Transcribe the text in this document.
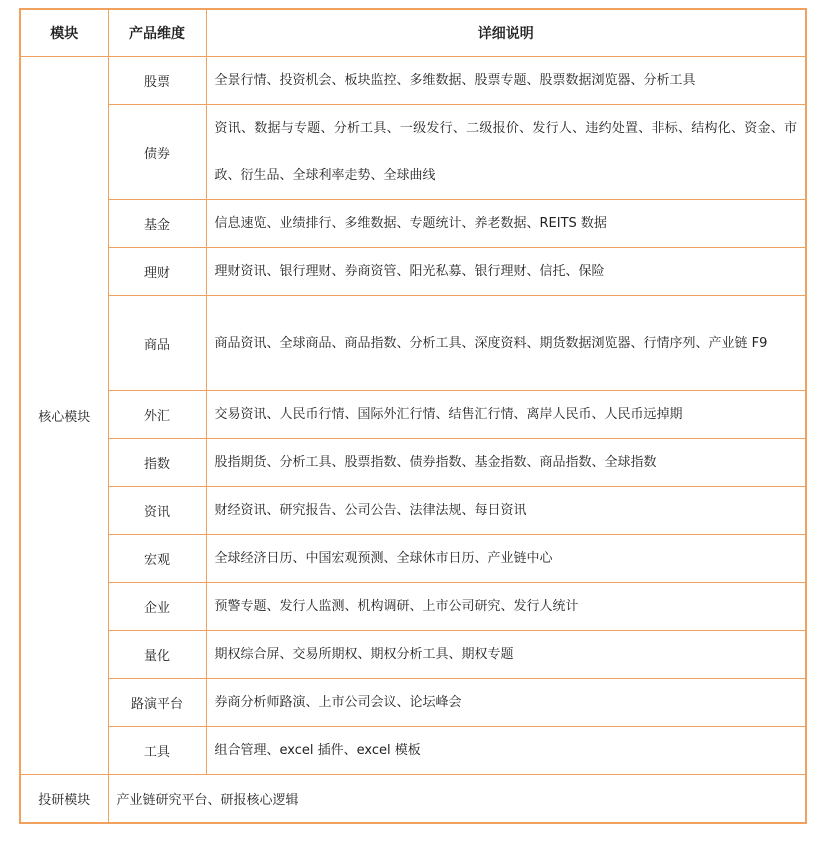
模块	产品维度	详细说明
核心模块	股票	全景行情、投资机会、板块监控、多维数据、股票专题、股票数据浏览器、分析工具
	债券	资讯、数据与专题、分析工具、一级发行、二级报价、发行人、违约处置、非标、结构化、资金、市政、衍生品、全球利率走势、全球曲线
	基金	信息速览、业绩排行、多维数据、专题统计、养老数据、REITS 数据
	理财	理财资讯、银行理财、券商资管、阳光私募、银行理财、信托、保险
	商品	商品资讯、全球商品、商品指数、分析工具、深度资料、期货数据浏览器、行情序列、产业链 F9
	外汇	交易资讯、人民币行情、国际外汇行情、结售汇行情、离岸人民币、人民币远掉期
	指数	股指期货、分析工具、股票指数、债券指数、基金指数、商品指数、全球指数
	资讯	财经资讯、研究报告、公司公告、法律法规、每日资讯
	宏观	全球经济日历、中国宏观预测、全球休市日历、产业链中心
	企业	预警专题、发行人监测、机构调研、上市公司研究、发行人统计
	量化	期权综合屏、交易所期权、期权分析工具、期权专题
	路演平台	券商分析师路演、上市公司会议、论坛峰会
	工具	组合管理、excel 插件、excel 模板
投研模块	产业链研究平台、研报核心逻辑	
